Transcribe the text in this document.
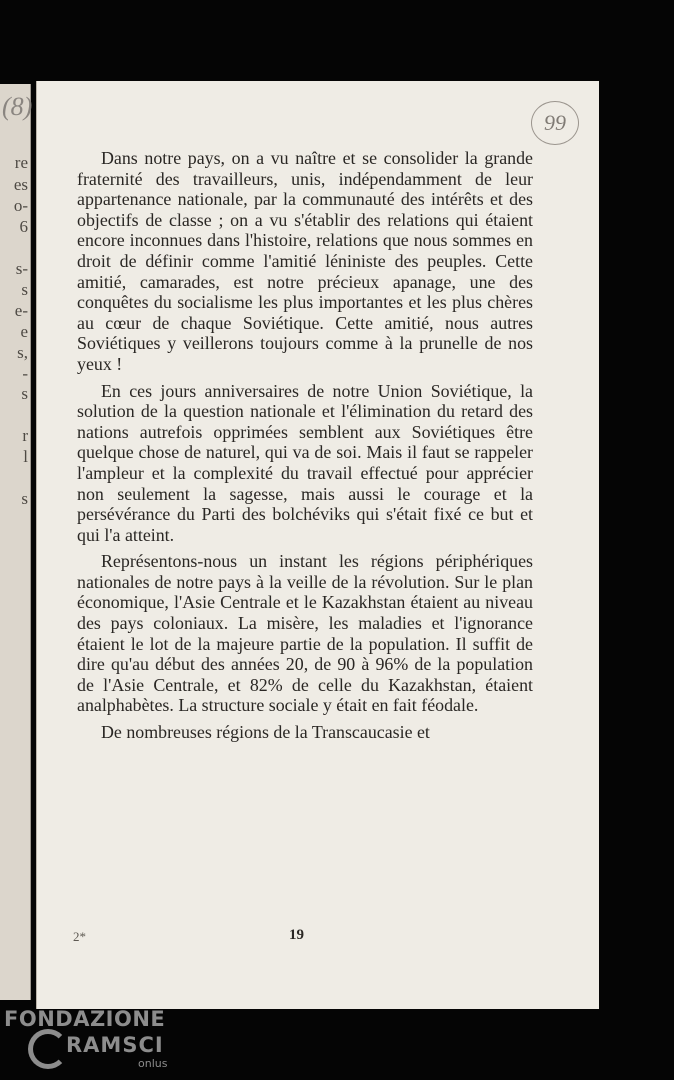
(8)
re
es
o-
6
s-
s
e-
e
s,
-
s
r
l
s
99

Dans notre pays, on a vu naître et se consolider la grande fraternité des travailleurs, unis, indépendamment de leur appartenance nationale, par la communauté des intérêts et des objectifs de classe ; on a vu s'établir des relations qui étaient encore inconnues dans l'histoire, relations que nous sommes en droit de définir comme l'amitié léniniste des peuples. Cette amitié, camarades, est notre précieux apanage, une des conquêtes du socialisme les plus importantes et les plus chères au cœur de chaque Soviétique. Cette amitié, nous autres Soviétiques y veillerons toujours comme à la prunelle de nos yeux !

En ces jours anniversaires de notre Union Soviétique, la solution de la question nationale et l'élimination du retard des nations autrefois opprimées semblent aux Soviétiques être quelque chose de naturel, qui va de soi. Mais il faut se rappeler l'ampleur et la complexité du travail effectué pour apprécier non seulement la sagesse, mais aussi le courage et la persévérance du Parti des bolchéviks qui s'était fixé ce but et qui l'a atteint.

Représentons-nous un instant les régions périphériques nationales de notre pays à la veille de la révolution. Sur le plan économique, l'Asie Centrale et le Kazakhstan étaient au niveau des pays coloniaux. La misère, les maladies et l'ignorance étaient le lot de la majeure partie de la population. Il suffit de dire qu'au début des années 20, de 90 à 96% de la population de l'Asie Centrale, et 82% de celle du Kazakhstan, étaient analphabètes. La structure sociale y était en fait féodale.

De nombreuses régions de la Transcaucasie et

2*	19
FONDAZIONE
RAMSCI
onlus
